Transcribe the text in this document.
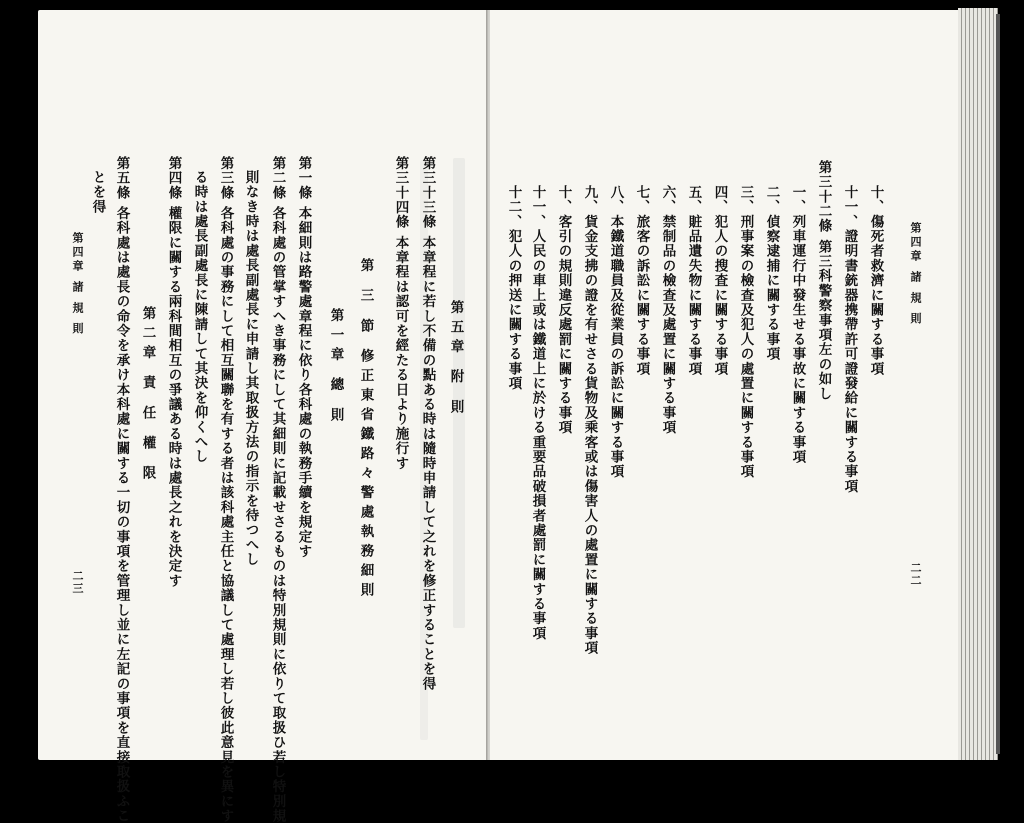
第三十三條 本章程に若し不備の點ある時は隨時申請して之れを修正することを得
第三十四條 本章程は認可を經たる日より施行す
第 三 節 修正東省鐵路々警處執務細則
第一章 總 則
第一條 本細則は路警處章程に依り各科處の執務手續を規定す
第二條 各科處の管掌すへき事務にして其細則に記載せさるものは特別規則に依りて取扱ひ若し特別規
則なき時は處長副處長に申請し其取扱方法の指示を待つへし
第三條 各科處の事務にして相互關聯を有する者は該科處主任と協議して處理し若し彼此意見を異にす
る時は處長副處長に陳請して其決を仰くへし
第四條 權限に關する兩科間相互の爭議ある時は處長之れを決定す
第二章 責 任 權 限
第五條 各科處は處長の命令を承け本科處に關する一切の事項を管理し並に左記の事項を直接取扱ふこ
とを得
第五章 附 則
第四章 諸 規 則
二三
第四章 諸 規 則
二二
十、傷死者救濟に關する事項
十一、證明書銃器携帶許可證發給に關する事項
第三十二條 第三科警察事項左の如し
一、列車運行中發生せる事故に關する事項
二、偵察逮捕に關する事項
三、刑事案の檢查及犯人の處置に關する事項
四、犯人の搜査に關する事項
五、賍品遺失物に關する事項
六、禁制品の檢查及處置に關する事項
七、旅客の訴訟に關する事項
八、本鐵道職員及從業員の訴訟に關する事項
九、貨金支拂の證を有せさる貨物及乘客或は傷害人の處置に關する事項
十、客引の規則違反處罰に關する事項
十一、人民の車上或は鐵道上に於ける重要品破損者處罰に關する事項
十二、犯人の押送に關する事項
